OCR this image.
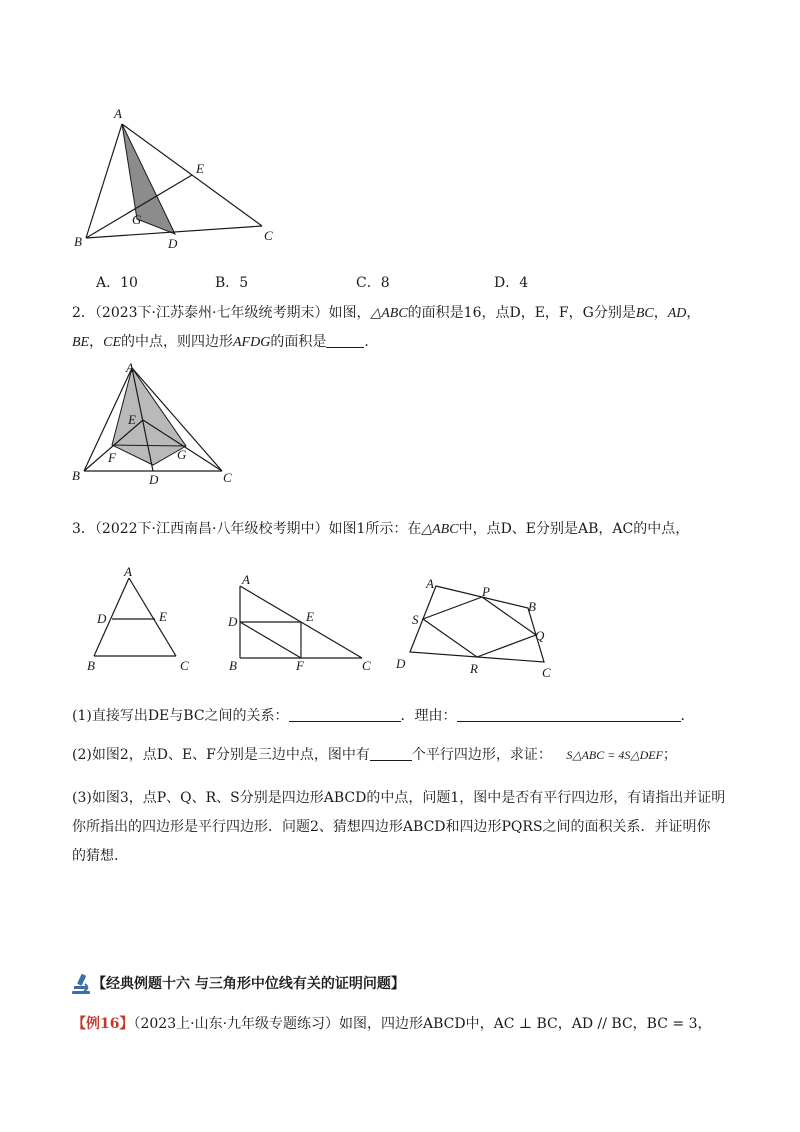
A
E
G
B	D
C
A．10	B．5	C．8	D．4
2．（2023下·江苏泰州·七年级统考期末）如图，△ABC的面积是16，点D，E，F，G分别是BC，AD，
BE，CE的中点，则四边形AFDG的面积是	．
A
E
F	G
B	D	C
3．（2022下·江西南昌·八年级校考期中）如图1所示：在△ABC中，点D、E分别是AB，AC的中点，
A
D	E
B	C
A
D	E
B	F	C
A
P
B
S
Q
D	R	C
(1)直接写出DE与BC之间的关系：	．理由：	．
(2)如图2，点D、E、F分别是三边中点，图中有	个平行四边形，求证： S△ABC = 4S△DEF；
(3)如图3，点P、Q、R、S分别是四边形ABCD的中点，问题1，图中是否有平行四边形，有请指出并证明
你所指出的四边形是平行四边形．问题2、猜想四边形ABCD和四边形PQRS之间的面积关系．并证明你
的猜想．
【经典例题十六 与三角形中位线有关的证明问题】
【例16】（2023上·山东·九年级专题练习）如图，四边形ABCD中，AC ⊥ BC，AD // BC，BC = 3，
